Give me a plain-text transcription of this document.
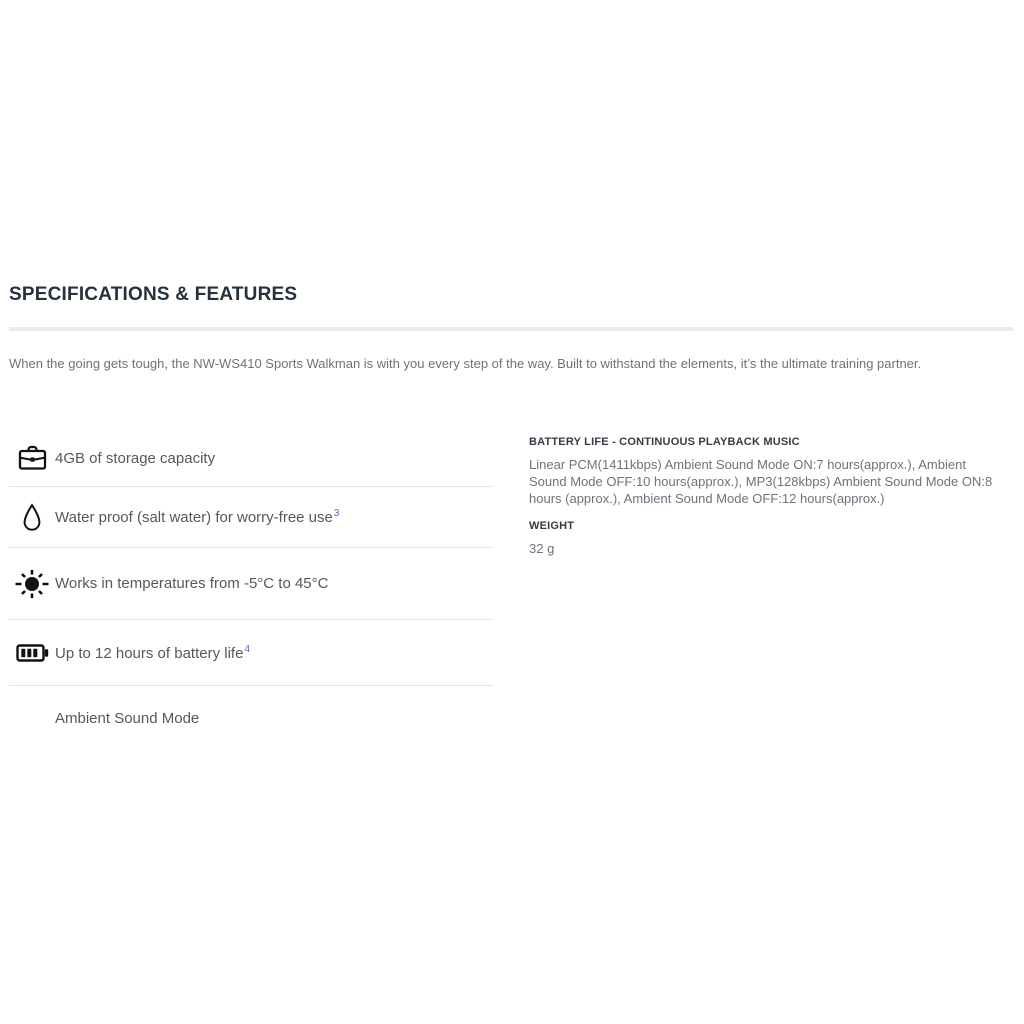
SPECIFICATIONS & FEATURES

When the going gets tough, the NW-WS410 Sports Walkman is with you every step of the way. Built to withstand the elements, it’s the ultimate training partner.

4GB of storage capacity
Water proof (salt water) for worry-free use$^3$
Works in temperatures from -5°C to 45°C
Up to 12 hours of battery life$^4$
Ambient Sound Mode
BATTERY LIFE - CONTINUOUS PLAYBACK MUSIC
Linear PCM(1411kbps) Ambient Sound Mode ON:7 hours(approx.), Ambient Sound Mode OFF:10 hours(approx.), MP3(128kbps) Ambient Sound Mode ON:8 hours (approx.), Ambient Sound Mode OFF:12 hours(approx.)
WEIGHT
32 g
